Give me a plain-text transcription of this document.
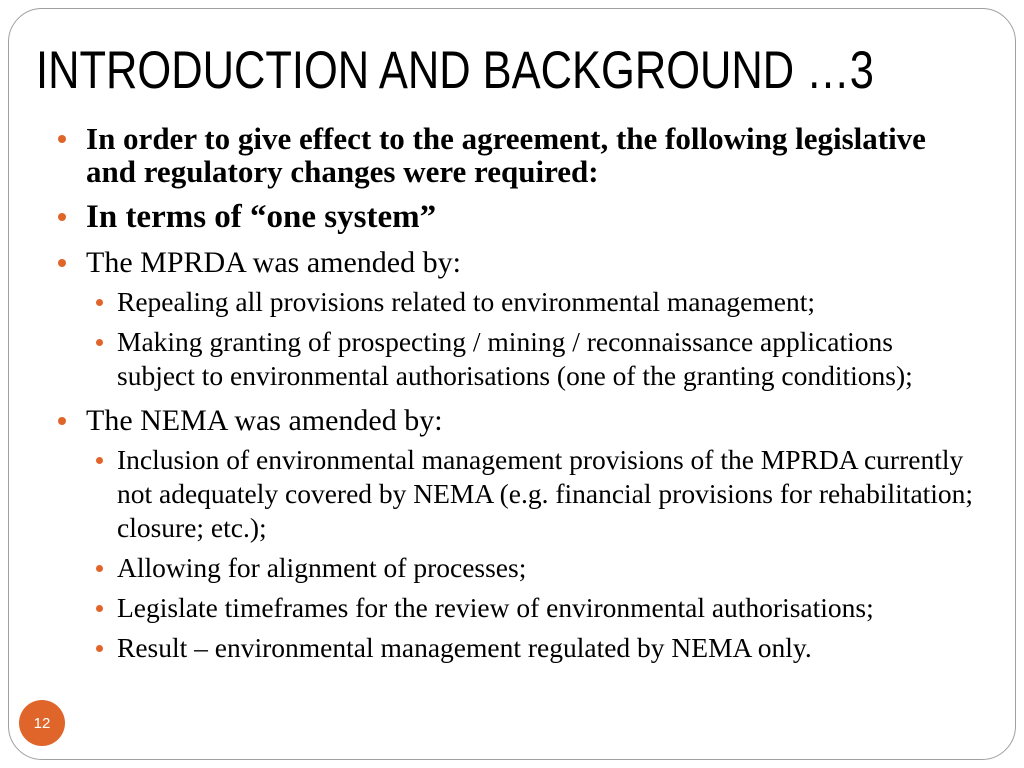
INTRODUCTION AND BACKGROUND …3
In order to give effect to the agreement, the following legislative and regulatory changes were required:
In terms of “one system”
The MPRDA was amended by:
Repealing all provisions related to environmental management;
Making granting of prospecting / mining / reconnaissance applications subject to environmental authorisations (one of the granting conditions);
The NEMA was amended by:
Inclusion of environmental management provisions of the MPRDA currently not adequately covered by NEMA (e.g. financial provisions for rehabilitation; closure; etc.);
Allowing for alignment of processes;
Legislate timeframes for the review of environmental authorisations;
Result – environmental management regulated by NEMA only.
12
